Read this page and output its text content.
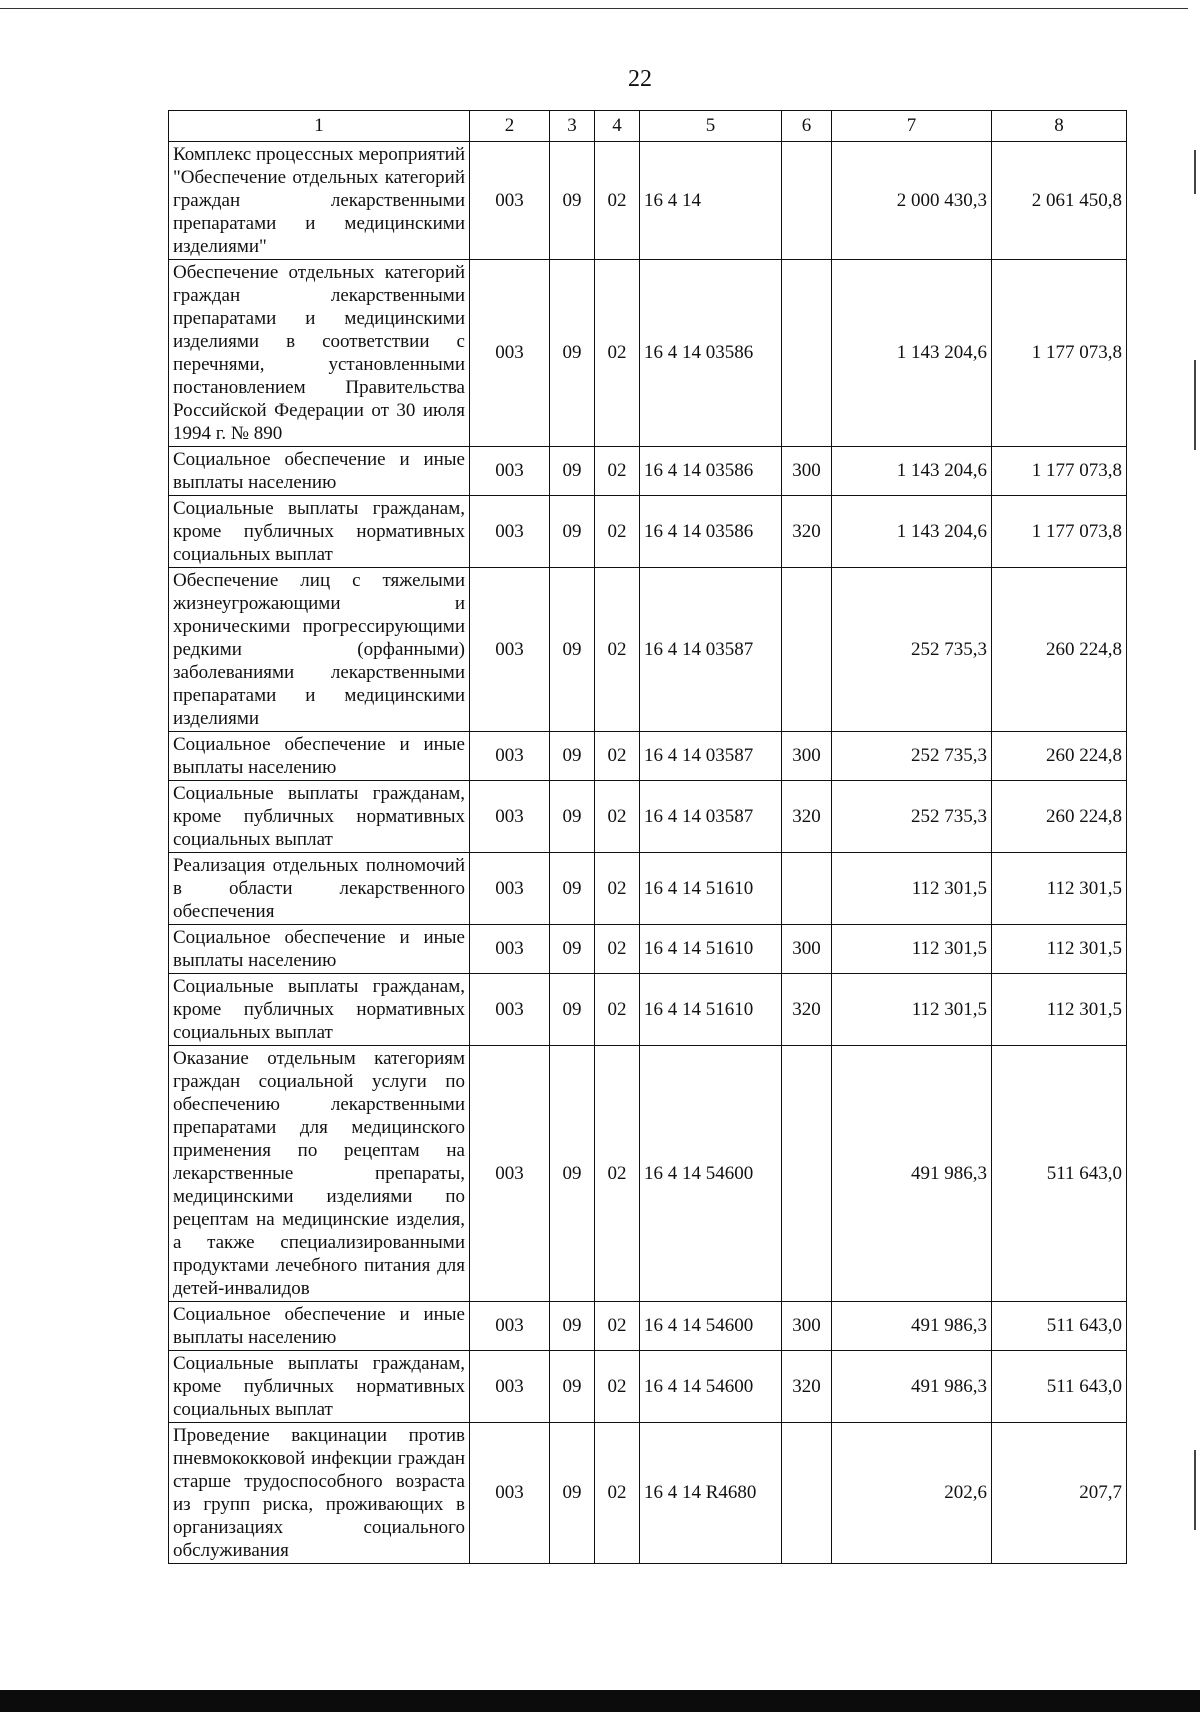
22
1	2	3	4	5	6	7	8
Комплекс процессных мероприятий "Обеспечение отдельных категорий граждан лекарственными препаратами и медицинскими изделиями"	003	09	02	16 4 14		2 000 430,3	2 061 450,8
Обеспечение отдельных категорий граждан лекарственными препаратами и медицинскими изделиями в соответствии с перечнями, установленными постановлением Правительства Российской Федерации от 30 июля 1994 г. № 890	003	09	02	16 4 14 03586		1 143 204,6	1 177 073,8
Социальное обеспечение и иные выплаты населению	003	09	02	16 4 14 03586	300	1 143 204,6	1 177 073,8
Социальные выплаты гражданам, кроме публичных нормативных социальных выплат	003	09	02	16 4 14 03586	320	1 143 204,6	1 177 073,8
Обеспечение лиц с тяжелыми жизнеугрожающими и хроническими прогрессирующими редкими (орфанными) заболеваниями лекарственными препаратами и медицинскими изделиями	003	09	02	16 4 14 03587		252 735,3	260 224,8
Социальное обеспечение и иные выплаты населению	003	09	02	16 4 14 03587	300	252 735,3	260 224,8
Социальные выплаты гражданам, кроме публичных нормативных социальных выплат	003	09	02	16 4 14 03587	320	252 735,3	260 224,8
Реализация отдельных полномочий в области лекарственного обеспечения	003	09	02	16 4 14 51610		112 301,5	112 301,5
Социальное обеспечение и иные выплаты населению	003	09	02	16 4 14 51610	300	112 301,5	112 301,5
Социальные выплаты гражданам, кроме публичных нормативных социальных выплат	003	09	02	16 4 14 51610	320	112 301,5	112 301,5
Оказание отдельным категориям граждан социальной услуги по обеспечению лекарственными препаратами для медицинского применения по рецептам на лекарственные препараты, медицинскими изделиями по рецептам на медицинские изделия, а также специализированными продуктами лечебного питания для детей-инвалидов	003	09	02	16 4 14 54600		491 986,3	511 643,0
Социальное обеспечение и иные выплаты населению	003	09	02	16 4 14 54600	300	491 986,3	511 643,0
Социальные выплаты гражданам, кроме публичных нормативных социальных выплат	003	09	02	16 4 14 54600	320	491 986,3	511 643,0
Проведение вакцинации против пневмококковой инфекции граждан старше трудоспособного возраста из групп риска, проживающих в организациях социального обслуживания	003	09	02	16 4 14 R4680		202,6	207,7
